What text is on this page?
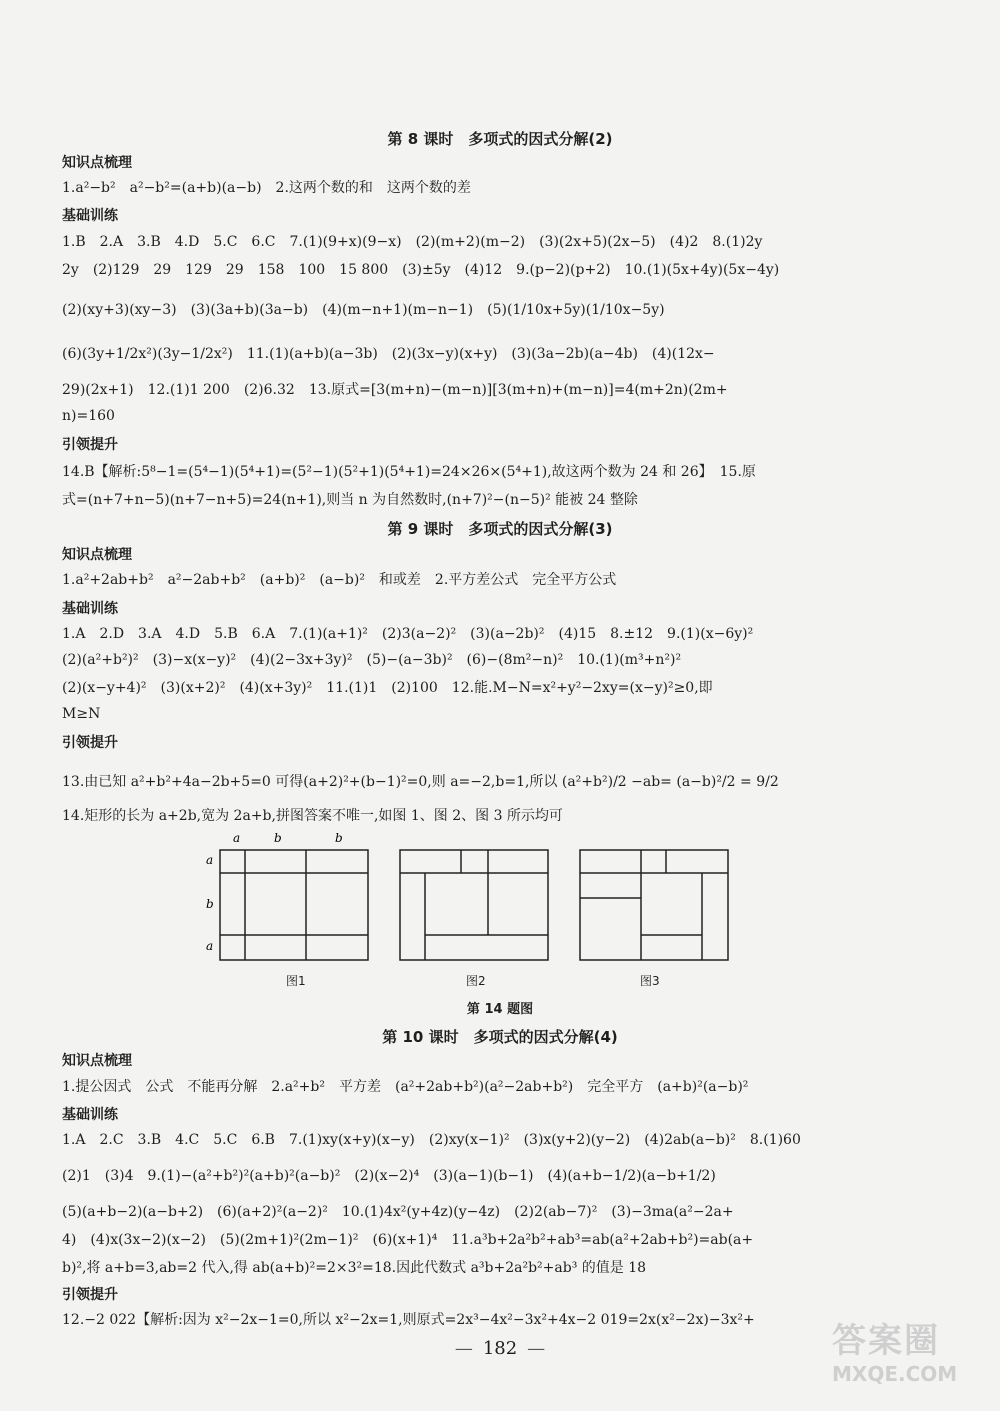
第 8 课时　多项式的因式分解(2)
知识点梳理
1.a²−b²　a²−b²=(a+b)(a−b)　2.这两个数的和　这两个数的差
基础训练
1.B　2.A　3.B　4.D　5.C　6.C　7.(1)(9+x)(9−x)　(2)(m+2)(m−2)　(3)(2x+5)(2x−5)　(4)2　8.(1)2y
2y　(2)129　29　129　29　158　100　15 800　(3)±5y　(4)12　9.(p−2)(p+2)　10.(1)(5x+4y)(5x−4y)
(2)(xy+3)(xy−3)　(3)(3a+b)(3a−b)　(4)(m−n+1)(m−n−1)　(5)(1/10x+5y)(1/10x−5y)
(6)(3y+1/2x²)(3y−1/2x²)　11.(1)(a+b)(a−3b)　(2)(3x−y)(x+y)　(3)(3a−2b)(a−4b)　(4)(12x−
29)(2x+1)　12.(1)1 200　(2)6.32　13.原式=[3(m+n)−(m−n)][3(m+n)+(m−n)]=4(m+2n)(2m+
n)=160
引领提升
14.B【解析:5⁸−1=(5⁴−1)(5⁴+1)=(5²−1)(5²+1)(5⁴+1)=24×26×(5⁴+1),故这两个数为 24 和 26】　15.原
式=(n+7+n−5)(n+7−n+5)=24(n+1),则当 n 为自然数时,(n+7)²−(n−5)² 能被 24 整除
第 9 课时　多项式的因式分解(3)
知识点梳理
1.a²+2ab+b²　a²−2ab+b²　(a+b)²　(a−b)²　和或差　2.平方差公式　完全平方公式
基础训练
1.A　2.D　3.A　4.D　5.B　6.A　7.(1)(a+1)²　(2)3(a−2)²　(3)(a−2b)²　(4)15　8.±12　9.(1)(x−6y)²
(2)(a²+b²)²　(3)−x(x−y)²　(4)(2−3x+3y)²　(5)−(a−3b)²　(6)−(8m²−n)²　10.(1)(m³+n²)²
(2)(x−y+4)²　(3)(x+2)²　(4)(x+3y)²　11.(1)1　(2)100　12.能.M−N=x²+y²−2xy=(x−y)²≥0,即
M≥N
引领提升
13.由已知 a²+b²+4a−2b+5=0 可得(a+2)²+(b−1)²=0,则 a=−2,b=1,所以 (a²+b²)/2 −ab= (a−b)²/2 = 9/2
14.矩形的长为 a+2b,宽为 2a+b,拼图答案不唯一,如图 1、图 2、图 3 所示均可
a	b	b
a
b
a
图1	图2	图3
第 14 题图
第 10 课时　多项式的因式分解(4)
知识点梳理
1.提公因式　公式　不能再分解　2.a²+b²　平方差　(a²+2ab+b²)(a²−2ab+b²)　完全平方　(a+b)²(a−b)²
基础训练
1.A　2.C　3.B　4.C　5.C　6.B　7.(1)xy(x+y)(x−y)　(2)xy(x−1)²　(3)x(y+2)(y−2)　(4)2ab(a−b)²　8.(1)60
(2)1　(3)4　9.(1)−(a²+b²)²(a+b)²(a−b)²　(2)(x−2)⁴　(3)(a−1)(b−1)　(4)(a+b−1/2)(a−b+1/2)
(5)(a+b−2)(a−b+2)　(6)(a+2)²(a−2)²　10.(1)4x²(y+4z)(y−4z)　(2)2(ab−7)²　(3)−3ma(a²−2a+
4)　(4)x(3x−2)(x−2)　(5)(2m+1)²(2m−1)²　(6)(x+1)⁴　11.a³b+2a²b²+ab³=ab(a²+2ab+b²)=ab(a+
b)²,将 a+b=3,ab=2 代入,得 ab(a+b)²=2×3²=18.因此代数式 a³b+2a²b²+ab³ 的值是 18
引领提升
12.−2 022【解析:因为 x²−2x−1=0,所以 x²−2x=1,则原式=2x³−4x²−3x²+4x−2 019=2x(x²−2x)−3x²+
— 182 —	答案圈
MXQE.COM
